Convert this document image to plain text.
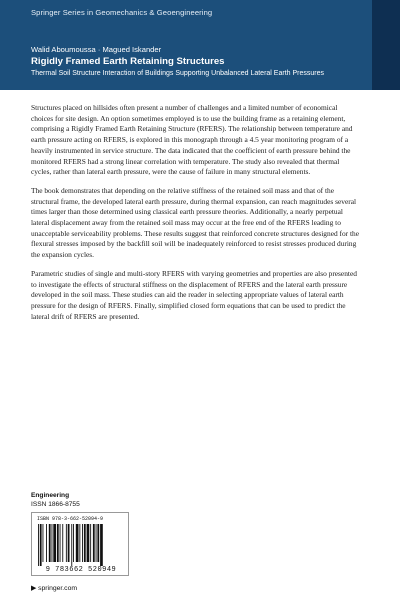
Springer Series in Geomechanics & Geoengineering
Walid Aboumoussa · Magued Iskander
Rigidly Framed Earth Retaining Structures
Thermal Soil Structure Interaction of Buildings Supporting Unbalanced Lateral Earth Pressures

Structures placed on hillsides often present a number of challenges and a limited number of economical choices for site design. An option sometimes employed is to use the building frame as a retaining element, comprising a Rigidly Framed Earth Retaining Structure (RFERS). The relationship between temperature and earth pressure acting on RFERS, is explored in this monograph through a 4.5 year monitoring program of a heavily instrumented in service structure. The data indicated that the coefficient of earth pressure behind the monitored RFERS had a strong linear correlation with temperature. The study also revealed that thermal cycles, rather than lateral earth pressure, were the cause of failure in many structural elements.

The book demonstrates that depending on the relative stiffness of the retained soil mass and that of the structural frame, the developed lateral earth pressure, during thermal expansion, can reach magnitudes several times larger than those determined using classical earth pressure theories. Additionally, a nearly perpetual lateral displacement away from the retained soil mass may occur at the free end of the RFERS leading to unacceptable serviceability problems. These results suggest that reinforced concrete structures designed for the flexural stresses imposed by the backfill soil will be inadequately reinforced to resist stresses produced during the expansion cycles.

Parametric studies of single and multi-story RFERS with varying geometries and properties are also presented to investigate the effects of structural stiffness on the displacement of RFERS and the lateral earth pressure developed in the soil mass. These studies can aid the reader in selecting appropriate values of lateral earth pressure for the design of RFERS. Finally, simplified closed form equations that can be used to predict the lateral drift of RFERS are presented.

Engineering
ISSN 1866-8755
ISBN 978-3-662-52094-9
9 783662 520949
▶ springer.com
